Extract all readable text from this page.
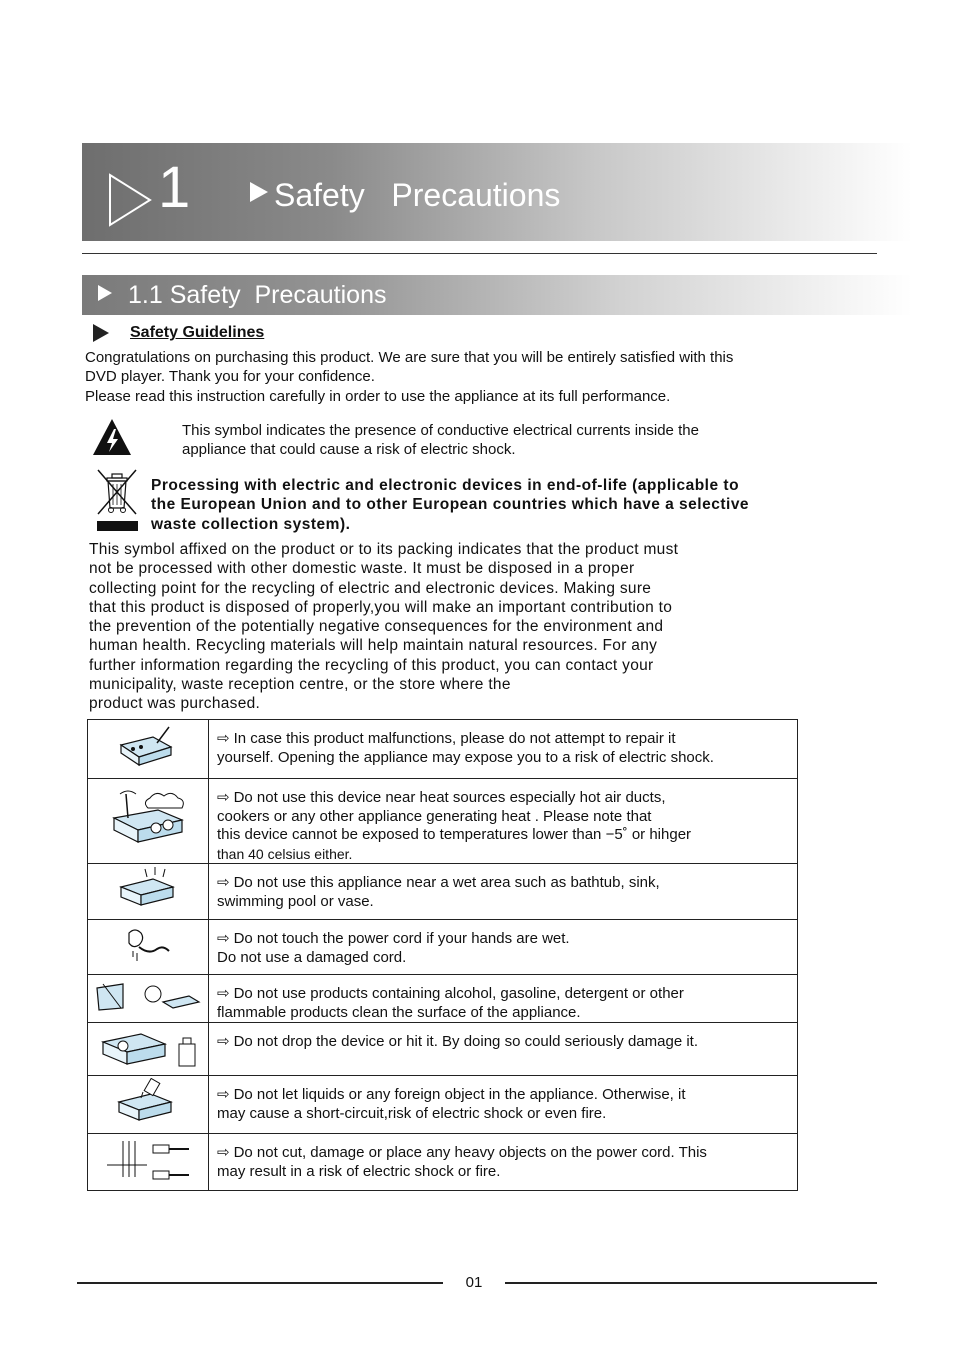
1	Safety   Precautions
1.1 Safety  Precautions
Safety Guidelines
Congratulations on purchasing this product. We are sure that you will be entirely satisfied with this
DVD player. Thank you for your confidence.
Please read this instruction carefully in order to use the appliance at its full performance.
This symbol indicates the presence of conductive electrical currents inside the
appliance that could cause a risk of electric shock.
Processing with electric and electronic devices in end-of-life (applicable to
the European Union and to other European countries which have a selective
waste collection system).
This symbol affixed on the product or to its packing indicates that the product must
not be processed with other domestic waste. It must be disposed in a proper
collecting point for the recycling of electric and electronic devices. Making sure
that this product is disposed of properly,you will make an important contribution to
the prevention of the potentially negative consequences for the environment and
human health. Recycling materials will help maintain natural resources. For any
further information regarding the recycling of this product, you can contact your
municipality, waste reception centre, or the store where the
product was purchased.

⇨ In case this product malfunctions, please do not attempt to repair it
yourself. Opening the appliance may expose you to a risk of electric shock.

⇨ Do not use this device near heat sources especially hot air ducts,
cookers or any other appliance generating heat . Please note that
this device cannot be exposed to temperatures lower than −5˚ or hihger
than 40 celsius either.

⇨ Do not use this appliance near a wet area such as bathtub, sink,
swimming pool or vase.

⇨ Do not touch the power cord if your hands are wet.
Do not use a damaged cord.

⇨ Do not use products containing alcohol, gasoline, detergent or other
flammable products clean the surface of the appliance.

⇨ Do not drop the device or hit it. By doing so could seriously damage it.

⇨ Do not let liquids or any foreign object in the appliance. Otherwise, it
may cause a short-circuit,risk of electric shock or even fire.

⇨ Do not cut, damage or place any heavy objects on the power cord. This
may result in a risk of electric shock or fire.
01
